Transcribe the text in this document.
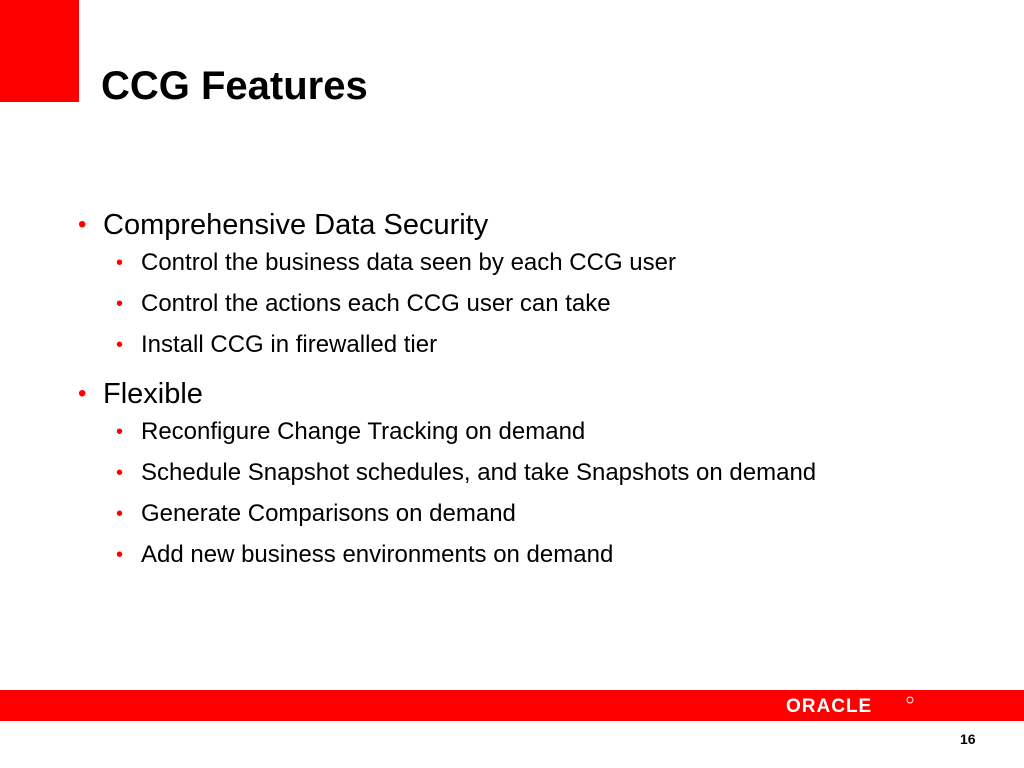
CCG Features
• Comprehensive Data Security
• Control the business data seen by each CCG user
• Control the actions each CCG user can take
• Install CCG in firewalled tier
• Flexible
• Reconfigure Change Tracking on demand
• Schedule Snapshot schedules, and take Snapshots on demand
• Generate Comparisons on demand
• Add new business environments on demand
ORACLE
16
